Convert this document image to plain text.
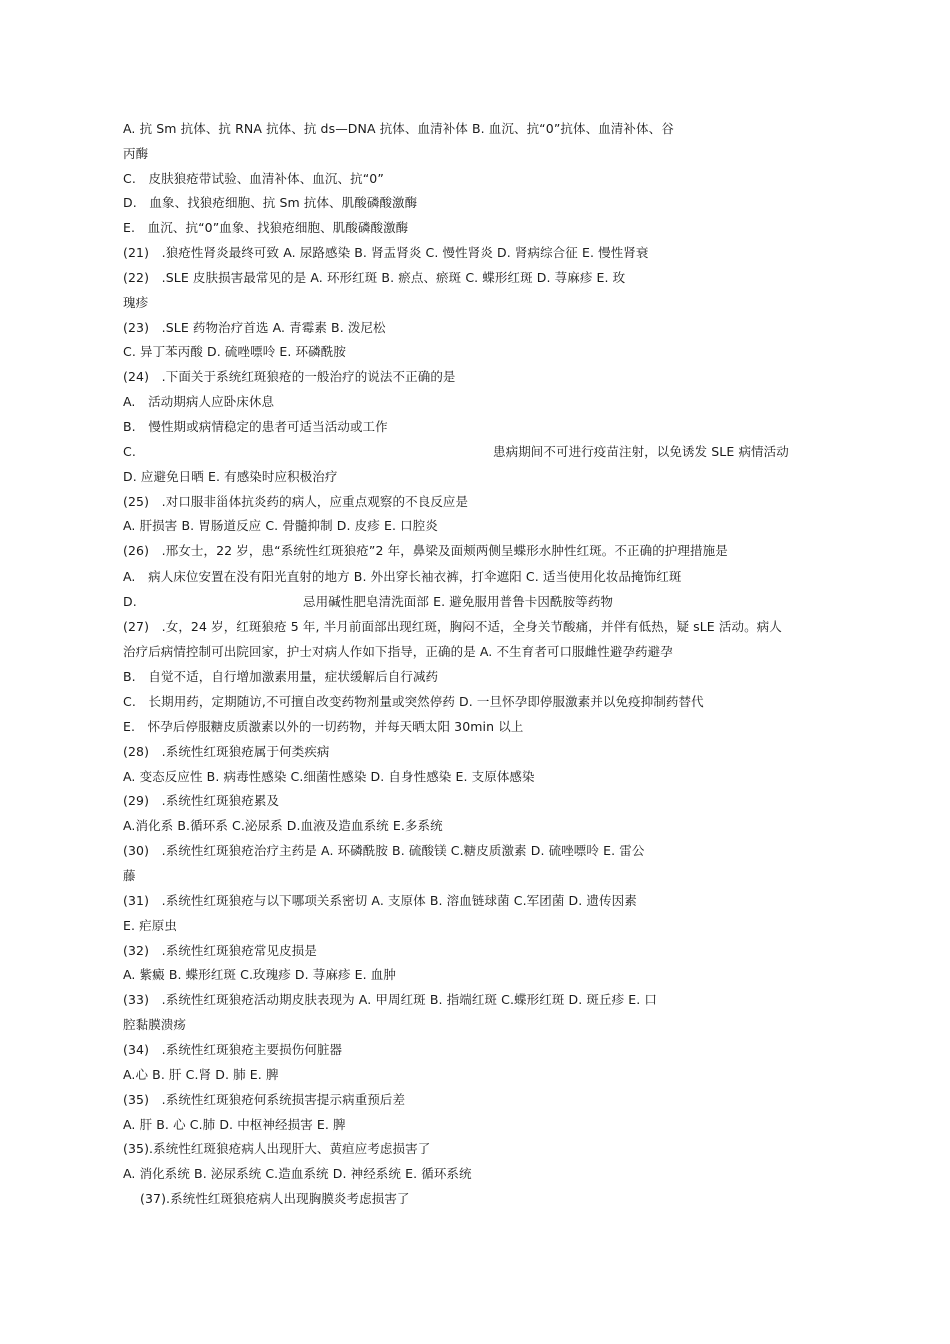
A. 抗 Sm 抗体、抗 RNA 抗体、抗 ds—DNA 抗体、血清补体 B. 血沉、抗“0”抗体、血清补体、谷
丙酶
C.　皮肤狼疮带试验、血清补体、血沉、抗“0”
D.　血象、找狼疮细胞、抗 Sm 抗体、肌酸磷酸激酶
E.　血沉、抗“0”血象、找狼疮细胞、肌酸磷酸激酶
(21)　.狼疮性肾炎最终可致 A. 尿路感染 B. 肾盂肾炎 C. 慢性肾炎 D. 肾病综合征 E. 慢性肾衰
(22)　.SLE 皮肤损害最常见的是 A. 环形红斑 B. 瘀点、瘀斑 C. 蝶形红斑 D. 荨麻疹 E. 玫
瑰疹
(23)　.SLE 药物治疗首选 A. 青霉素 B. 泼尼松
C. 异丁苯丙酸 D. 硫唑嘌呤 E. 环磷酰胺
(24)　.下面关于系统红斑狼疮的一般治疗的说法不正确的是
A.　活动期病人应卧床休息
B.　慢性期或病情稳定的患者可适当活动或工作
C.	患病期间不可进行疫苗注射，以免诱发 SLE 病情活动
D. 应避免日晒 E. 有感染时应积极治疗
(25)　.对口服非甾体抗炎药的病人，应重点观察的不良反应是
A. 肝损害 B. 胃肠道反应 C. 骨髓抑制 D. 皮疹 E. 口腔炎
(26)　.邢女士，22 岁，患“系统性红斑狼疮”2 年，鼻梁及面颊两侧呈蝶形水肿性红斑。不正确的护理措施是
A.　病人床位安置在没有阳光直射的地方 B. 外出穿长袖衣裤，打伞遮阳 C. 适当使用化妆品掩饰红斑
D.	忌用碱性肥皂清洗面部 E. 避免服用普鲁卡因酰胺等药物
(27)　.女，24 岁，红斑狼疮 5 年, 半月前面部出现红斑，胸闷不适，全身关节酸痛，并伴有低热，疑 sLE 活动。病人
治疗后病情控制可出院回家，护士对病人作如下指导，正确的是 A. 不生育者可口服雌性避孕药避孕
B.　自觉不适，自行增加激素用量，症状缓解后自行减药
C.　长期用药，定期随访,不可擅自改变药物剂量或突然停药 D. 一旦怀孕即停服激素并以免疫抑制药替代
E.　怀孕后停服糖皮质激素以外的一切药物，并每天晒太阳 30min 以上
(28)　.系统性红斑狼疮属于何类疾病
A. 变态反应性 B. 病毒性感染 C.细菌性感染 D. 自身性感染 E. 支原体感染
(29)　.系统性红斑狼疮累及
A.消化系 B.循环系 C.泌尿系 D.血液及造血系统 E.多系统
(30)　.系统性红斑狼疮治疗主药是 A. 环磷酰胺 B. 硫酸镁 C.糖皮质激素 D. 硫唑嘌呤 E. 雷公
藤
(31)　.系统性红斑狼疮与以下哪项关系密切 A. 支原体 B. 溶血链球菌 C.军团菌 D. 遗传因素
E. 疟原虫
(32)　.系统性红斑狼疮常见皮损是
A. 紫癜 B. 蝶形红斑 C.玫瑰疹 D. 荨麻疹 E. 血肿
(33)　.系统性红斑狼疮活动期皮肤表现为 A. 甲周红斑 B. 指端红斑 C.蝶形红斑 D. 斑丘疹 E. 口
腔黏膜溃疡
(34)　.系统性红斑狼疮主要损伤何脏器
A.心 B. 肝 C.肾 D. 肺 E. 脾
(35)　.系统性红斑狼疮何系统损害提示病重预后差
A. 肝 B. 心 C.肺 D. 中枢神经损害 E. 脾
(35).系统性红斑狼疮病人出现肝大、黄疸应考虑损害了
A. 消化系统 B. 泌尿系统 C.造血系统 D. 神经系统 E. 循环系统
(37).系统性红斑狼疮病人出现胸膜炎考虑损害了
